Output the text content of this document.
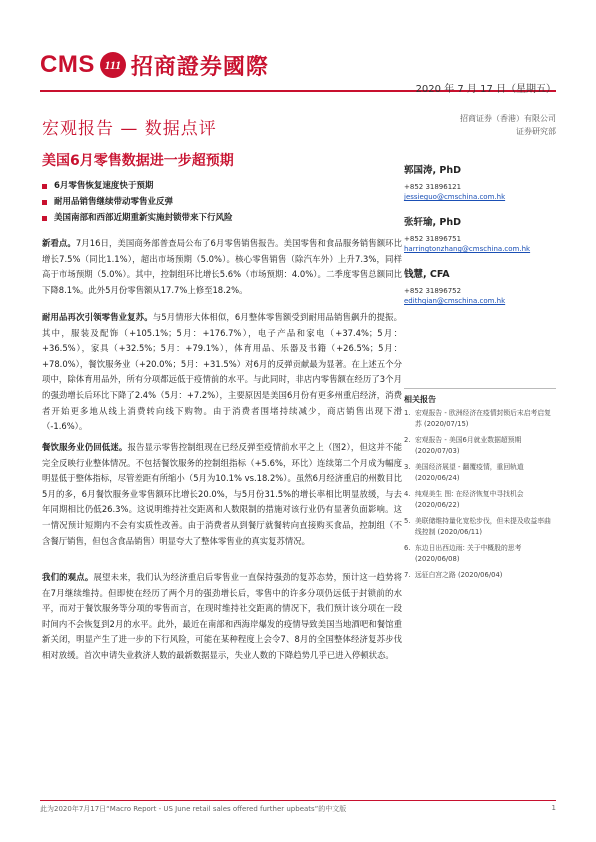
CMS 111 招商證券國際
2020 年 7 月 17 日（星期五）
宏观报告 — 数据点评
招商证券（香港）有限公司
证券研究部
美国6月零售数据进一步超预期
6月零售恢复速度快于预期
耐用品销售继续带动零售业反弹
美国南部和西部近期重新实施封锁带来下行风险
新看点。7月16日，美国商务部普查局公布了6月零售销售报告。美国零售和食品服务销售额环比增长7.5%（同比1.1%），超出市场预期（5.0%）。核心零售销售（除汽车外）上升7.3%，同样高于市场预期（5.0%）。其中，控制组环比增长5.6%（市场预期：4.0%）。二季度零售总额同比下降8.1%。此外5月份零售额从17.7%上修至18.2%。
耐用品再次引领零售业复苏。与5月情形大体相似，6月整体零售额受到耐用品销售飙升的提振。其中，服装及配饰（+105.1%；5月：+176.7%），电子产品和家电（+37.4%；5月：+36.5%），家具（+32.5%；5月：+79.1%），体育用品、乐器及书籍（+26.5%；5月：+78.0%），餐饮服务业（+20.0%；5月：+31.5%）对6月的反弹贡献最为显著。在上述五个分项中，除体育用品外，所有分项都远低于疫情前的水平。与此同时，非店内零售额在经历了3个月的强劲增长后环比下降了2.4%（5月：+7.2%），主要原因是美国6月份有更多州重启经济，消费者开始更多地从线上消费转向线下购物。由于消费者围堵持续减少，商店销售出现下滑（-1.6%）。
餐饮服务业仍回低迷。报告显示零售控制组现在已经反弹至疫情前水平之上（图2），但这并不能完全反映行业整体情况。不包括餐饮服务的控制组指标（+5.6%，环比）连续第二个月成为幅度明显低于整体指标，尽管差距有所缩小（5月为10.1% vs.18.2%）。虽然6月经济重启的州数目比5月的多，6月餐饮服务业零售额环比增长20.0%，与5月份31.5%的增长率相比明显放缓，与去年同期相比仍低26.3%。这说明维持社交距离和人数限制的措施对该行业仍有显著负面影响。这一情况预计短期内不会有实质性改善。由于消费者从到餐厅就餐转向直接购买食品，控制组（不含餐厅销售，但包含食品销售）明显夸大了整体零售业的真实复苏情况。
我们的观点。展望未来，我们认为经济重启后零售业一直保持强劲的复苏态势，预计这一趋势将在7月继续维持。但即使在经历了两个月的强劲增长后，零售中的许多分项仍远低于封锁前的水平，而对于餐饮服务等分项的零售而言，在现时维持社交距离的情况下，我们预计该分项在一段时间内不会恢复到2月的水平。此外，最近在南部和西海岸爆发的疫情导致美国当地酒吧和餐馆重新关闭，明显产生了进一步的下行风险，可能在某种程度上会令7、8月的全国整体经济复苏步伐相对放缓。首次申请失业救济人数的最新数据显示，失业人数的下降趋势几乎已进入停顿状态。
郭国涛, PhD
+852 31896121
jessieguo@cmschina.com.hk
张轩瑜, PhD
+852 31896751
harringtonzhang@cmschina.com.hk
钱慧, CFA
+852 31896752
edithqian@cmschina.com.hk
相关报告
1. 宏观报告 - 欧洲经济在疫情封锁后末启考启复苏 (2020/07/15)
2. 宏观报告 - 美国6月就业数据超预期 (2020/07/03)
3. 美国经济展望 - 翻覆疫情，重回轨道 (2020/06/24)
4. 纯观美生 图: 在经济恢复中寻找机会 (2020/06/22)
5. 美联储维持量化宽松步伐，但未提及收益率曲线控制 (2020/06/11)
6. 东边日出西边雨: 关于中概股的思考 (2020/06/08)
7. 远征白宫之路 (2020/06/04)
此为2020年7月17日“Macro Report - US June retail sales offered further upbeats”的中文版	1
